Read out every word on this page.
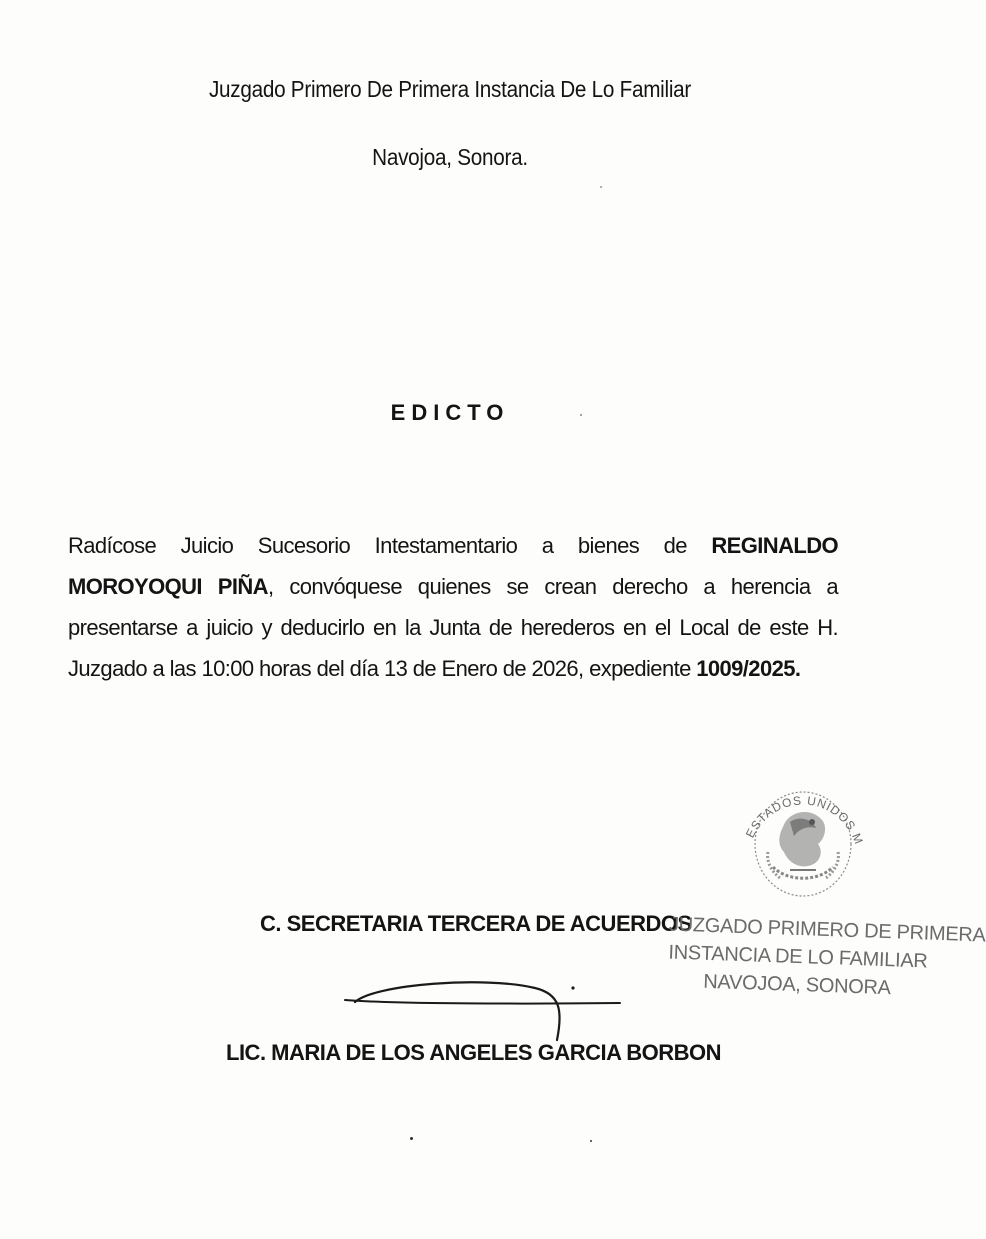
Juzgado Primero De Primera Instancia De Lo Familiar
Navojoa, Sonora.
EDICTO
Radícose Juicio Sucesorio Intestamentario a bienes de REGINALDO MOROYOQUI PIÑA, convóquese quienes se crean derecho a herencia a presentarse a juicio y deducirlo en la Junta de herederos en el Local de este H. Juzgado a las 10:00 horas del día 13 de Enero de 2026, expediente 1009/2025.
ESTADOS UNIDOS M
C. SECRETARIA TERCERA DE ACUERDOS
JUZGADO PRIMERO DE PRIMERA
INSTANCIA DE LO FAMILIAR
NAVOJOA, SONORA
LIC. MARIA DE LOS ANGELES GARCIA BORBON
